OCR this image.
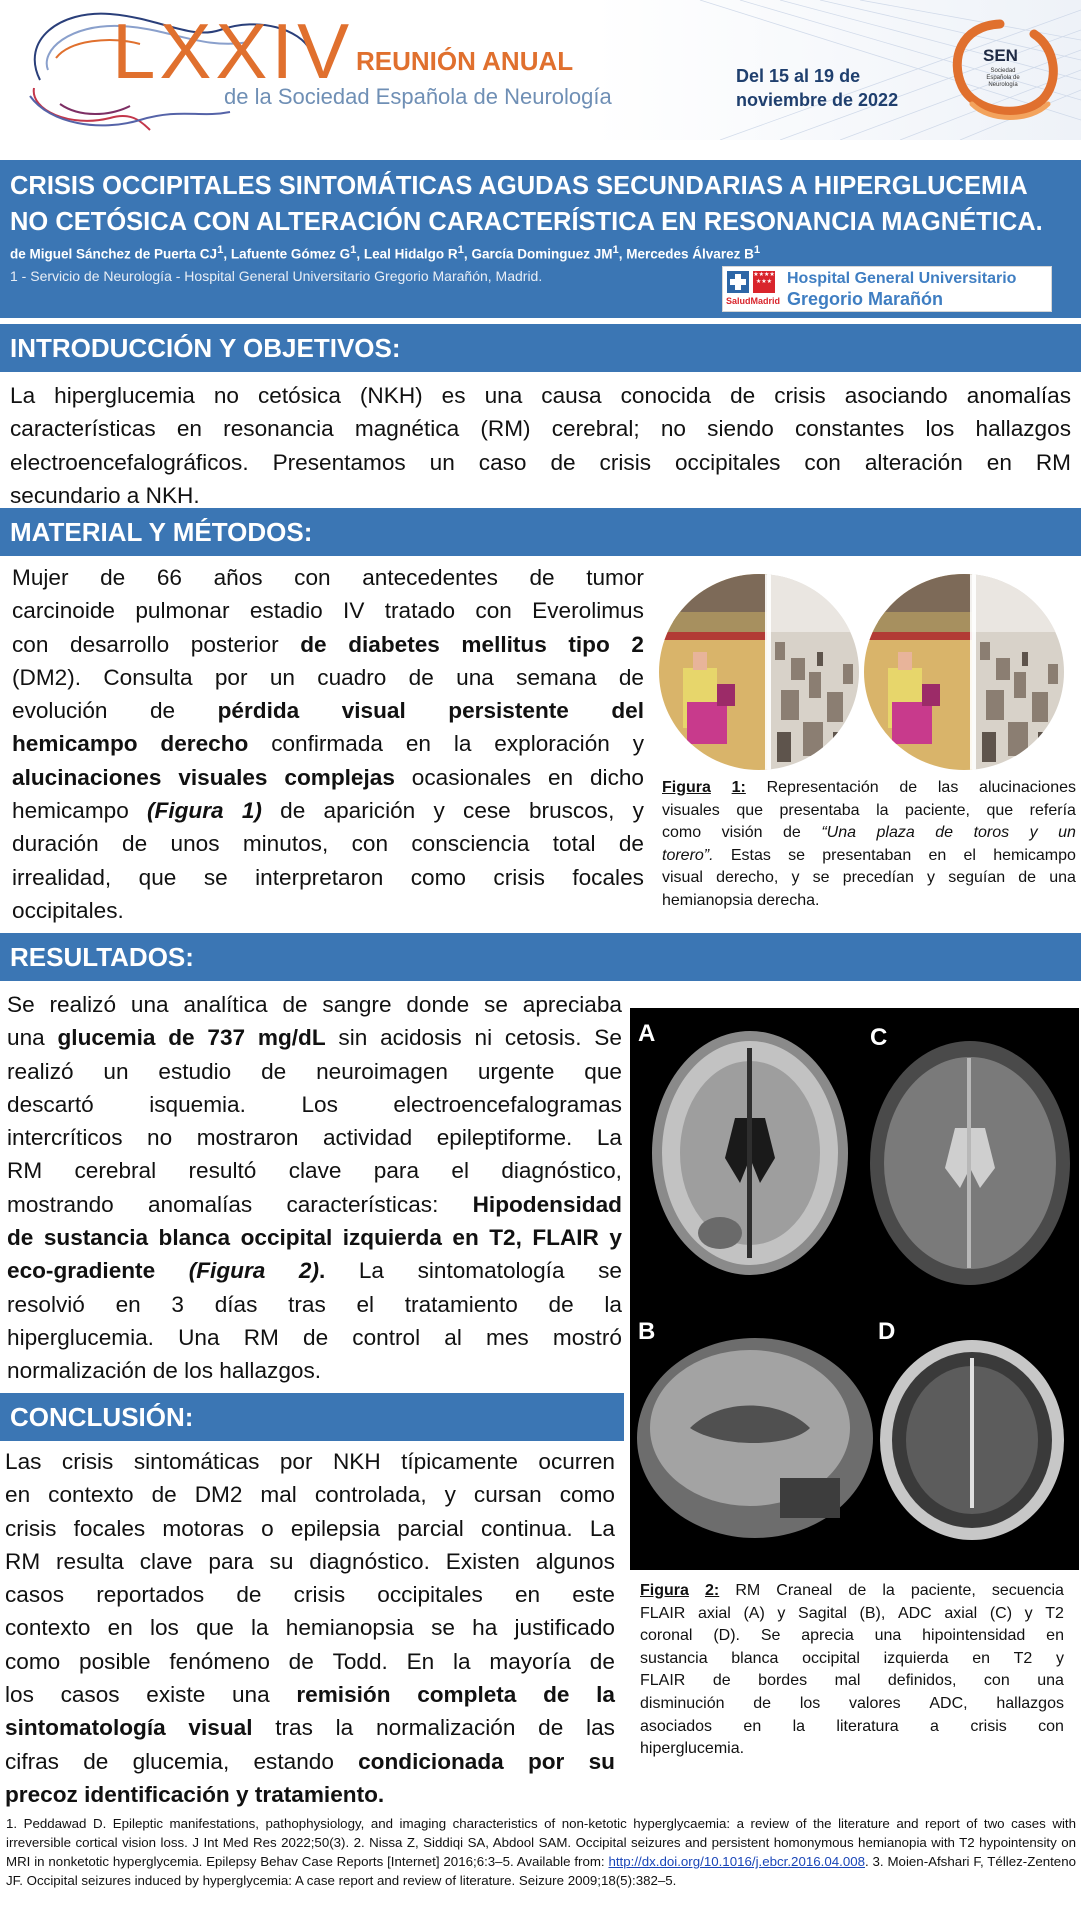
LXXIV REUNIÓN ANUAL
de la Sociedad Española de Neurología
Del 15 al 19 de
noviembre de 2022
SEN
Sociedad Española de Neurología
CRISIS OCCIPITALES SINTOMÁTICAS AGUDAS SECUNDARIAS A HIPERGLUCEMIA
NO CETÓSICA CON ALTERACIÓN CARACTERÍSTICA EN RESONANCIA MAGNÉTICA.
de Miguel Sánchez de Puerta $CJ^1$, Lafuente Gómez $G^1$, Leal Hidalgo $R^1$, García Dominguez $JM^1$, Mercedes Álvarez $B^1$
1 - Servicio de Neurología - Hospital General Universitario Gregorio Marañón, Madrid.	★★★★
★★★
SaludMadrid
Hospital General Universitario
Gregorio Marañón
INTRODUCCIÓN Y OBJETIVOS:
La hiperglucemia no cetósica (NKH) es una causa conocida de crisis asociando anomalías
características en resonancia magnética (RM) cerebral; no siendo constantes los hallazgos
electroencefalográficos. Presentamos un caso de crisis occipitales con alteración en RM
secundario a NKH.
MATERIAL Y MÉTODOS:
Mujer de 66 años con antecedentes de tumor
carcinoide pulmonar estadio IV tratado con Everolimus
con desarrollo posterior de diabetes mellitus tipo 2
(DM2). Consulta por un cuadro de una semana de
evolución de pérdida visual persistente del
hemicampo derecho confirmada en la exploración y
alucinaciones visuales complejas ocasionales en dicho
hemicampo (Figura 1) de aparición y cese bruscos, y
duración de unos minutos, con consciencia total de
irrealidad, que se interpretaron como crisis focales
occipitales.
Figura 1: Representación de las alucinaciones
visuales que presentaba la paciente, que refería
como visión de “Una plaza de toros y un
torero”. Estas se presentaban en el hemicampo
visual derecho, y se precedían y seguían de una
hemianopsia derecha.
RESULTADOS:
Se realizó una analítica de sangre donde se apreciaba
una glucemia de 737 mg/dL sin acidosis ni cetosis. Se
realizó un estudio de neuroimagen urgente que
descartó isquemia. Los electroencefalogramas
intercríticos no mostraron actividad epileptiforme. La
RM cerebral resultó clave para el diagnóstico,
mostrando anomalías características: Hipodensidad
de sustancia blanca occipital izquierda en T2, FLAIR y
eco-gradiente (Figura 2). La sintomatología se
resolvió en 3 días tras el tratamiento de la
hiperglucemia. Una RM de control al mes mostró
normalización de los hallazgos.
A	C
B	D
Figura 2: RM Craneal de la paciente, secuencia
FLAIR axial (A) y Sagital (B), ADC axial (C) y T2
coronal (D). Se aprecia una hipointensidad en
sustancia blanca occipital izquierda en T2 y
FLAIR de bordes mal definidos, con una
disminución de los valores ADC, hallazgos
asociados en la literatura a crisis con
hiperglucemia.
CONCLUSIÓN:
Las crisis sintomáticas por NKH típicamente ocurren
en contexto de DM2 mal controlada, y cursan como
crisis focales motoras o epilepsia parcial continua. La
RM resulta clave para su diagnóstico. Existen algunos
casos reportados de crisis occipitales en este
contexto en los que la hemianopsia se ha justificado
como posible fenómeno de Todd. En la mayoría de
los casos existe una remisión completa de la
sintomatología visual tras la normalización de las
cifras de glucemia, estando condicionada por su
precoz identificación y tratamiento.
1. Peddawad D. Epileptic manifestations, pathophysiology, and imaging characteristics of non-ketotic hyperglycaemia: a review of the literature and report of two cases with irreversible cortical vision loss. J Int Med Res 2022;50(3). 2. Nissa Z, Siddiqi SA, Abdool SAM. Occipital seizures and persistent homonymous hemianopia with T2 hypointensity on MRI in nonketotic hyperglycemia. Epilepsy Behav Case Reports [Internet] 2016;6:3–5. Available from: http://dx.doi.org/10.1016/j.ebcr.2016.04.008. 3. Moien-Afshari F, Téllez-Zenteno JF. Occipital seizures induced by hyperglycemia: A case report and review of literature. Seizure 2009;18(5):382–5.
